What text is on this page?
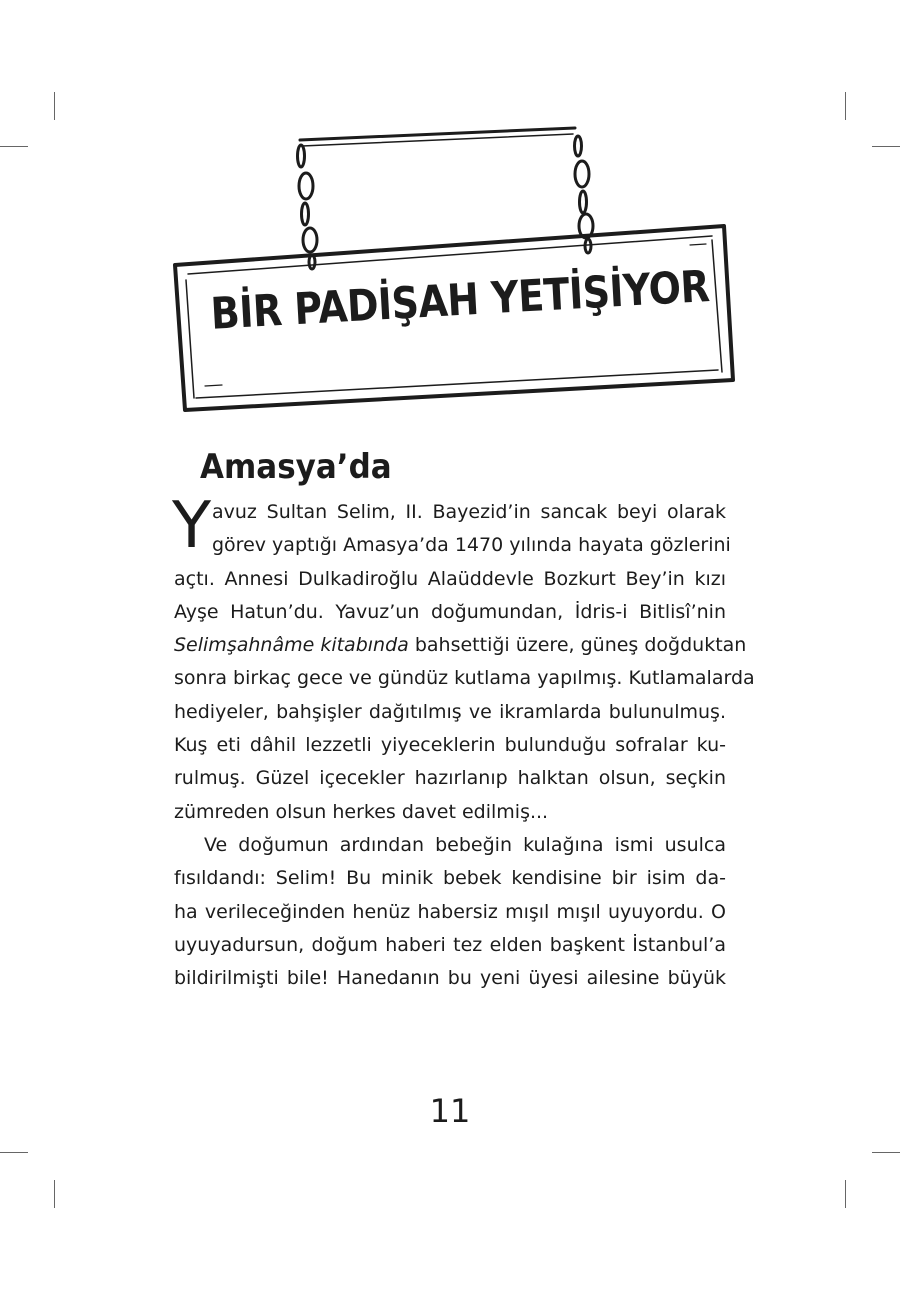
BİR PADİŞAH YETİŞİYOR
Amasya’da
Y avuz Sultan Selim, II. Bayezid’in sancak beyi olarak
görev yaptığı Amasya’da 1470 yılında hayata gözlerini
açtı. Annesi Dulkadiroğlu Alaüddevle Bozkurt Bey’in kızı
Ayşe Hatun’du. Yavuz’un doğumundan, İdris-i Bitlisî’nin
Selimşahnâme kitabında bahsettiği üzere, güneş doğduktan
sonra birkaç gece ve gündüz kutlama yapılmış. Kutlamalarda
hediyeler, bahşişler dağıtılmış ve ikramlarda bulunulmuş.
Kuş eti dâhil lezzetli yiyeceklerin bulunduğu sofralar ku-
rulmuş. Güzel içecekler hazırlanıp halktan olsun, seçkin
zümreden olsun herkes davet edilmiş...
Ve doğumun ardından bebeğin kulağına ismi usulca
fısıldandı: Selim! Bu minik bebek kendisine bir isim da-
ha verileceğinden henüz habersiz mışıl mışıl uyuyordu. O
uyuyadursun, doğum haberi tez elden başkent İstanbul’a
bildirilmişti bile! Hanedanın bu yeni üyesi ailesine büyük
11
